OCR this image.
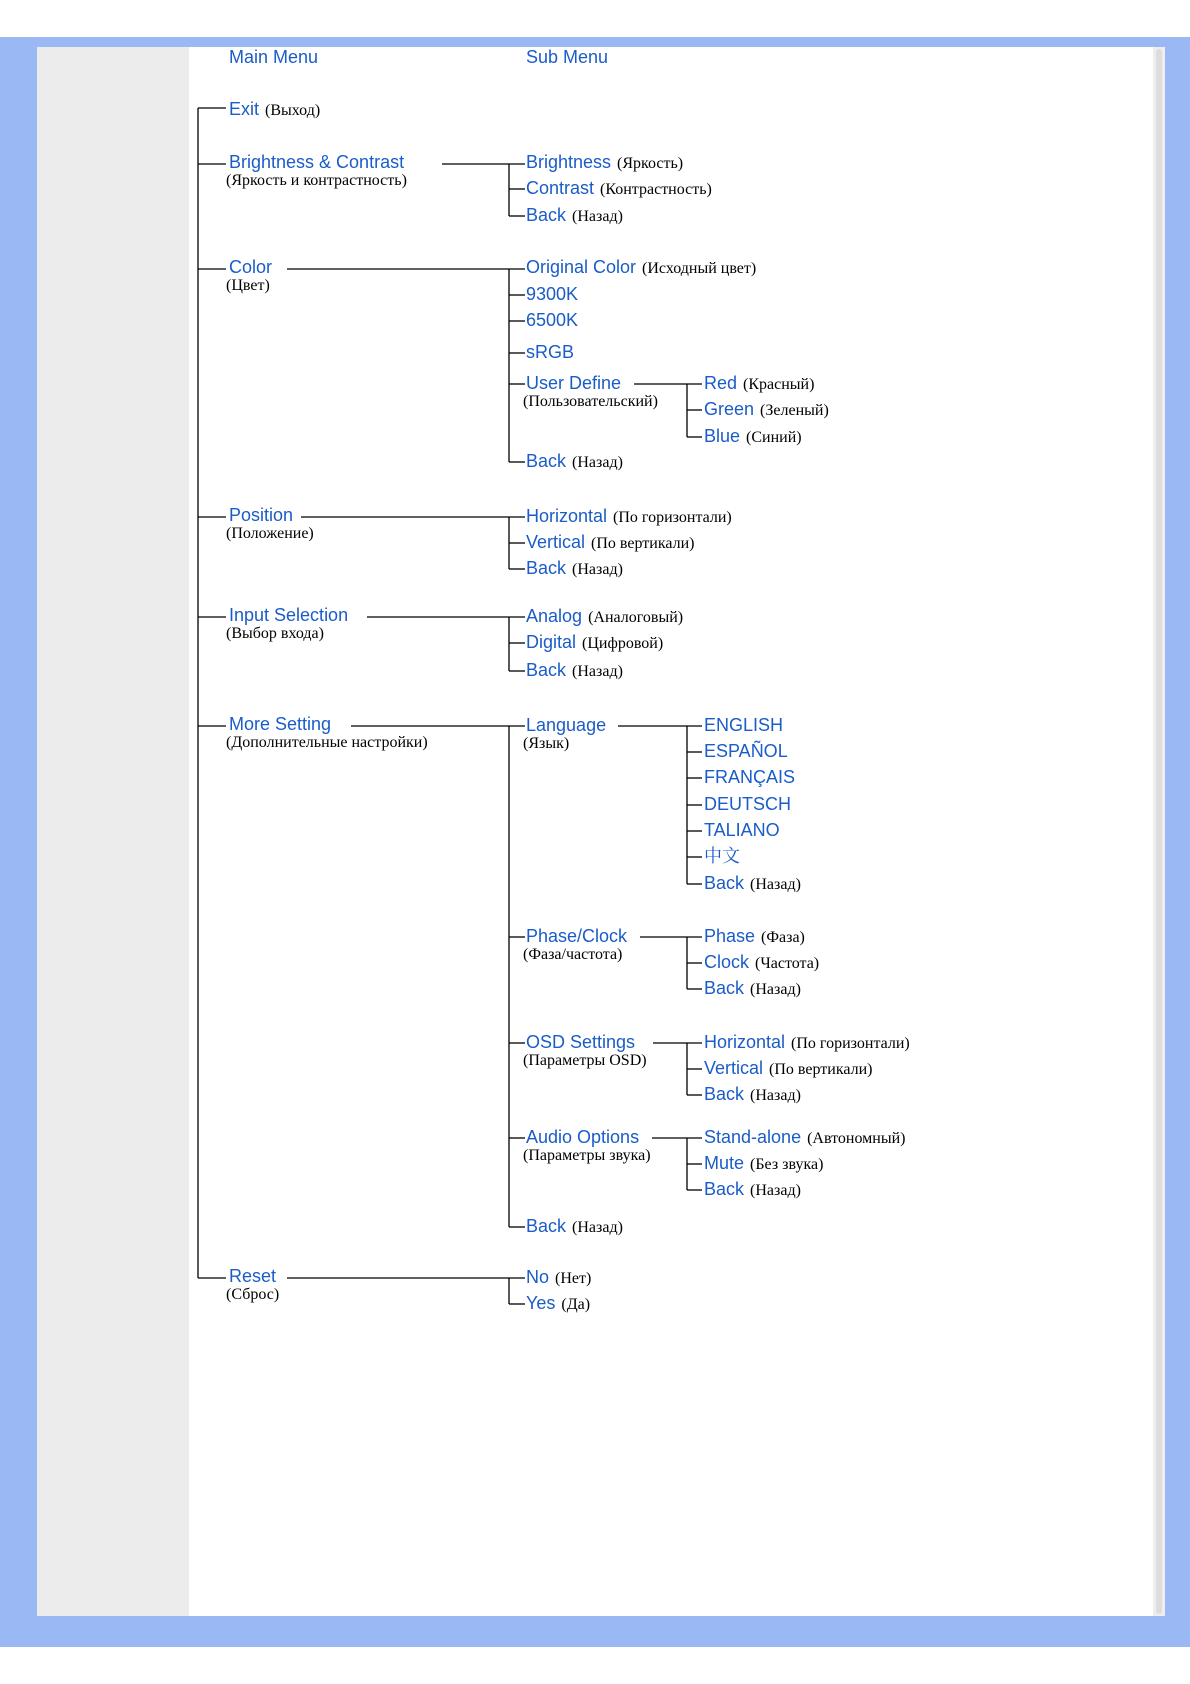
Main Menu	Sub Menu
Exit (Выход)
Brightness & Contrast
(Яркость и контрастность)
Color
(Цвет)
Position
(Положение)
Input Selection
(Выбор входа)
More Setting
(Дополнительные настройки)
Reset
(Сброс)
Brightness (Яркость)
Contrast (Контрастность)
Back (Назад)
Original Color (Исходный цвет)
9300K
6500K
sRGB
User Define
(Пользовательский)
Back (Назад)
Red (Красный)
Green (Зеленый)
Blue (Синий)
Horizontal (По горизонтали)
Vertical (По вертикали)
Back (Назад)
Analog (Аналоговый)
Digital (Цифровой)
Back (Назад)
Language
(Язык)
Phase/Clock
(Фаза/частота)
OSD Settings
(Параметры OSD)
Audio Options
(Параметры звука)
Back (Назад)
ENGLISH
ESPAÑOL
FRANÇAIS
DEUTSCH
TALIANO
中文
Back (Назад)
Phase (Фаза)
Clock (Частота)
Back (Назад)
Horizontal (По горизонтали)
Vertical (По вертикали)
Back (Назад)
Stand-alone (Автономный)
Mute (Без звука)
Back (Назад)
No (Нет)
Yes (Да)
